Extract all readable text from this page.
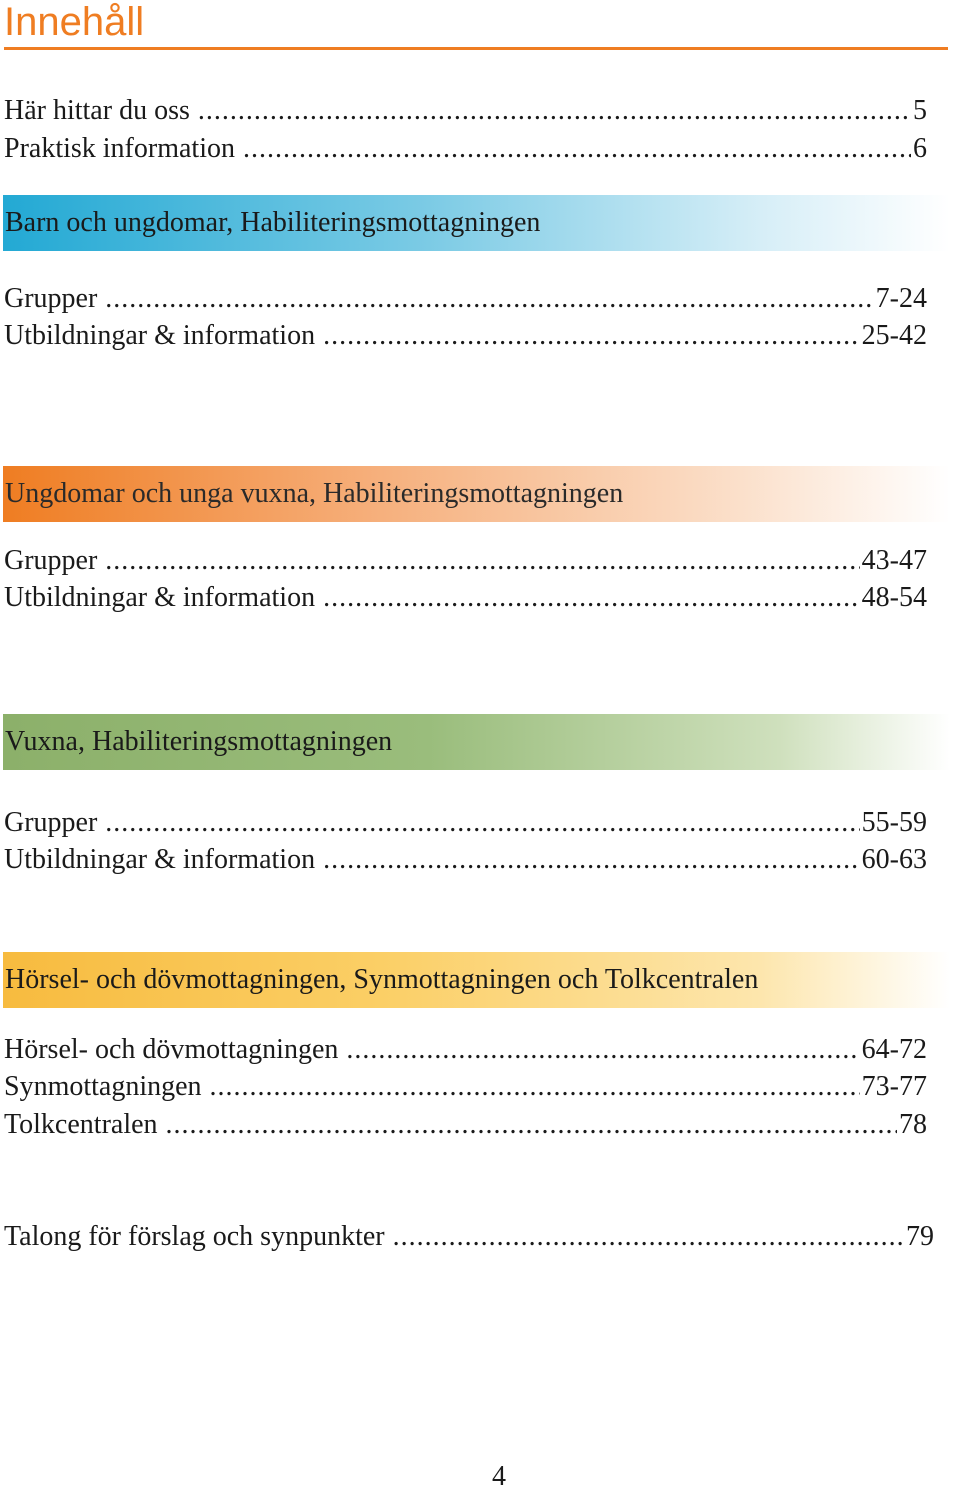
Innehåll
Här hittar du oss .....	5
Praktisk information .....	6
Barn och ungdomar, Habiliteringsmottagningen
Grupper .....	7-24
Utbildningar & information .....	25-42
Ungdomar och unga vuxna, Habiliteringsmottagningen
Grupper .....	43-47
Utbildningar & information .....	48-54
Vuxna, Habiliteringsmottagningen
Grupper .....	55-59
Utbildningar & information .....	60-63
Hörsel- och dövmottagningen, Synmottagningen och Tolkcentralen
Hörsel- och dövmottagningen .....	64-72
Synmottagningen .....	73-77
Tolkcentralen .....	78
Talong för förslag och synpunkter .....	79
4
